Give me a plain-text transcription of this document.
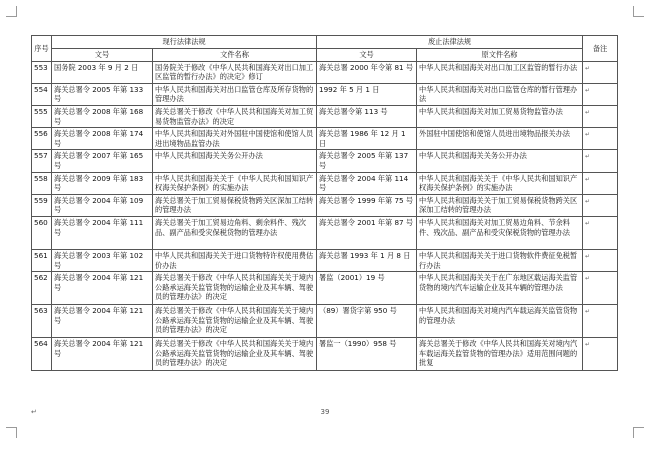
序号	现行法律法规		废止法律法规		备注
	文号	文件名称	文号	原文件名称	
553	国务院 2003 年 9 月 2 日	国务院关于修改《中华人民共和国海关对出口加工区监管的暂行办法》的决定》修订	海关总署 2000 年令第 81 号	中华人民共和国海关对出口加工区监管的暂行办法	↵
554	海关总署令 2005 年第 133 号	中华人民共和国海关对出口监管仓库及所存货物的管理办法	1992 年 5 月 1 日	中华人民共和国海关对出口监管仓库的暂行管理办法	↵
555	海关总署令 2008 年第 168 号	海关总署关于修改《中华人民共和国海关对加工贸易货物监管办法》的决定	海关总署令第 113 号	中华人民共和国海关对加工贸易货物监管办法	↵
556	海关总署令 2008 年第 174 号	中华人民共和国海关对外国驻中国使馆和使馆人员进出境物品监管办法	海关总署 1986 年 12 月 1 日	外国驻中国使馆和使馆人员进出境物品报关办法	↵
557	海关总署令 2007 年第 165 号	中华人民共和国海关关务公开办法	海关总署令 2005 年第 137 号	中华人民共和国海关关务公开办法	↵
558	海关总署令 2009 年第 183 号	中华人民共和国海关关于《中华人民共和国知识产权海关保护条例》的实施办法	海关总署令 2004 年第 114 号	中华人民共和国海关关于《中华人民共和国知识产权海关保护条例》的实施办法	↵
559	海关总署令 2004 年第 109 号	海关总署关于加工贸易保税货物跨关区深加工结转的管理办法	海关总署令 1999 年第 75 号	中华人民共和国海关关于加工贸易保税货物跨关区深加工结转的管理办法	↵
560	海关总署令 2004 年第 111 号	海关总署关于加工贸易边角料、剩余料件、残次品、副产品和受灾保税货物的管理办法	海关总署令 2001 年第 87 号	中华人民共和国海关对加工贸易边角料、节余料件、残次品、副产品和受灾保税货物的管理办法	↵
561	海关总署令 2003 年第 102 号	中华人民共和国海关关于进口货物特许权使用费估价办法	海关总署 1993 年 1 月 8 日	中华人民共和国海关关于进口货物软件费征免税暂行办法	↵
562	海关总署令 2004 年第 121 号	海关总署关于修改《中华人民共和国海关关于境内公路承运海关监管货物的运输企业及其车辆、驾驶员的管理办法》的决定	署监（2001）19 号	中华人民共和国海关关于在广东地区载运海关监管货物的境内汽车运输企业及其车辆的管理办法	↵
563	海关总署令 2004 年第 121 号	海关总署关于修改《中华人民共和国海关关于境内公路承运海关监管货物的运输企业及其车辆、驾驶员的管理办法》的决定	（89）署货字第 950 号	中华人民共和国海关对境内汽车载运海关监管货物的管理办法	↵
564	海关总署令 2004 年第 121 号	海关总署关于修改《中华人民共和国海关关于境内公路承运海关监管货物的运输企业及其车辆、驾驶员的管理办法》的决定	署监一（1990）958 号	海关总署关于修改《中华人民共和国海关对境内汽车载运海关监管货物的管理办法》适用范围问题的批复	↵
39
↵
